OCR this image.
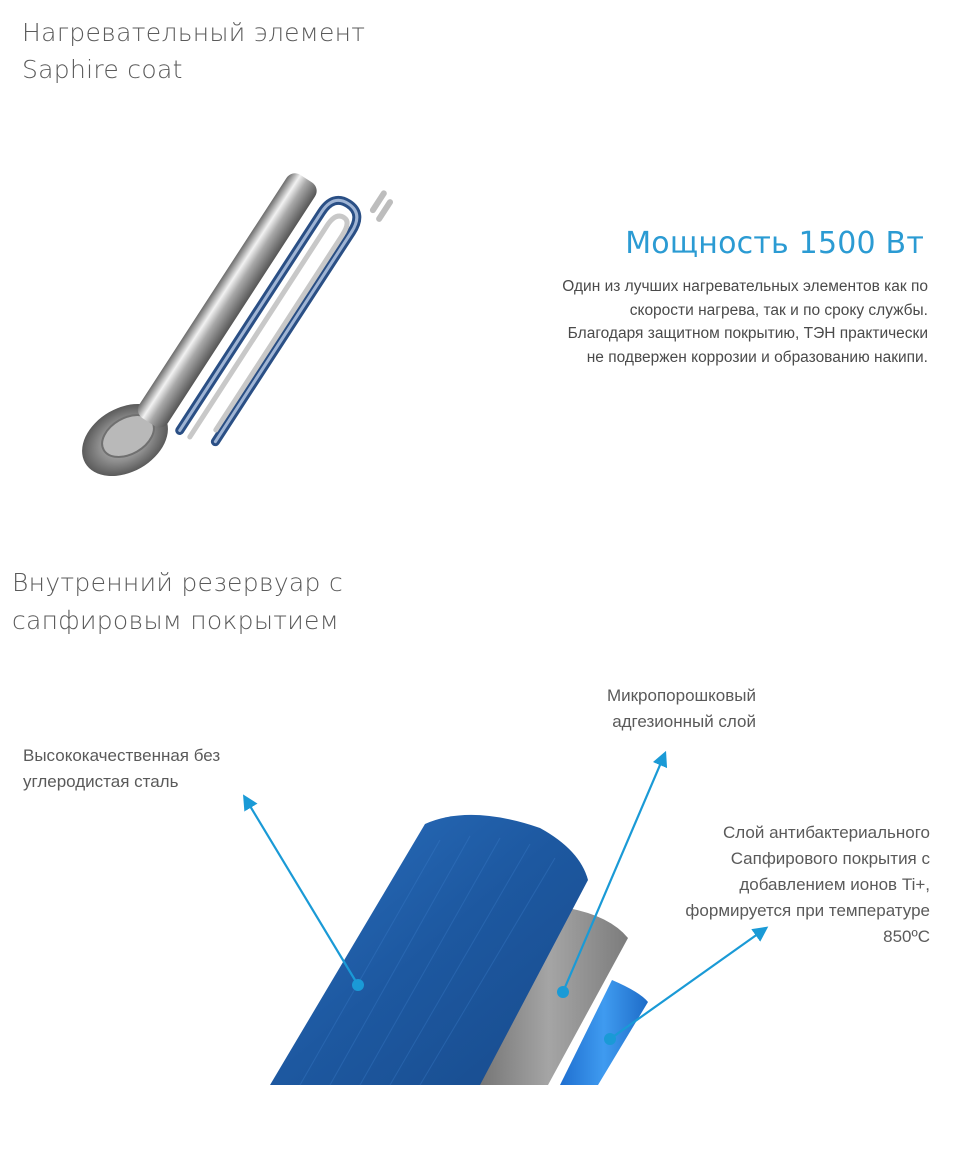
Нагревательный элемент
Saphire coat
Мощность 1500 Вт
Один из лучших нагревательных элементов как по
скорости нагрева, так и по сроку службы.
Благодаря защитном покрытию, ТЭН практически
не подвержен коррозии и образованию накипи.
Внутренний резервуар с
сапфировым покрытием
Высококачественная без
углеродистая сталь
Микропорошковый
адгезионный слой
Слой антибактериального
Сапфирового покрытия с
добавлением ионов Ti+,
формируется при температуре
850ºС
